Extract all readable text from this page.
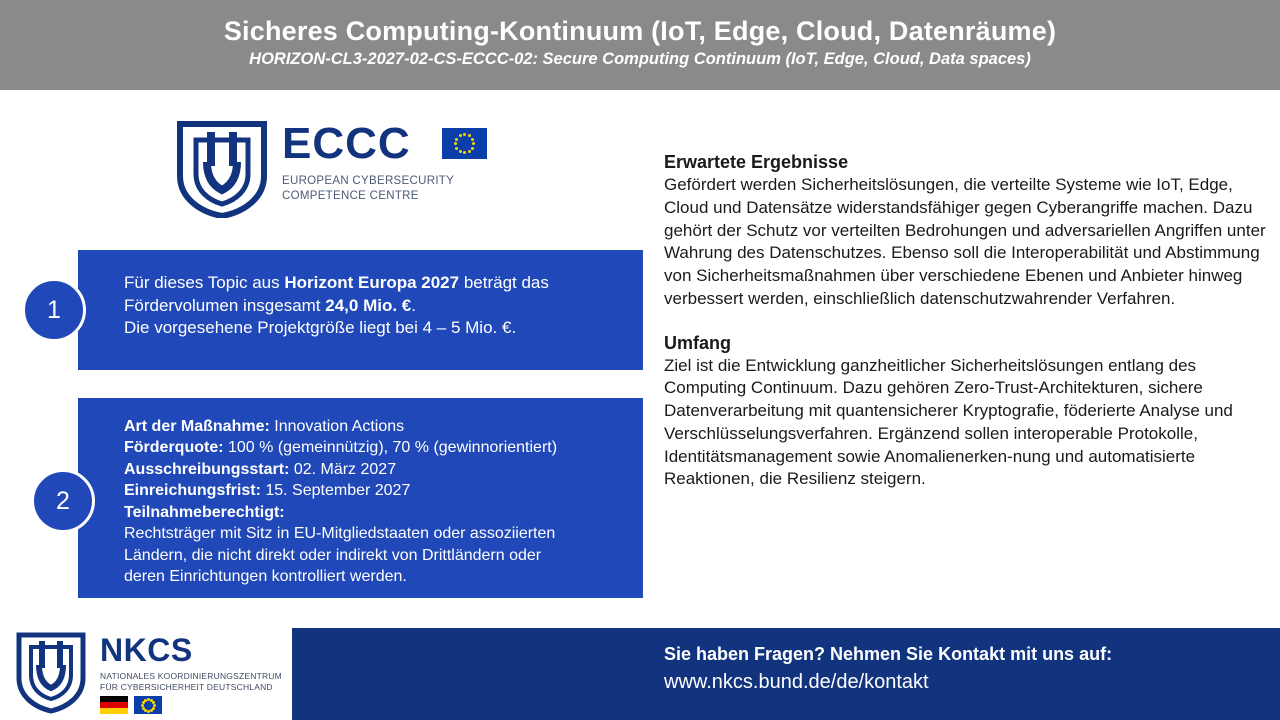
Sicheres Computing-Kontinuum (IoT, Edge, Cloud, Datenräume)
HORIZON-CL3-2027-02-CS-ECCC-02: Secure Computing Continuum (IoT, Edge, Cloud, Data spaces)
ECCC
EUROPEAN CYBERSECURITY
COMPETENCE CENTRE
1

Für dieses Topic aus Horizont Europa 2027 beträgt das

Fördervolumen insgesamt 24,0 Mio. €.

Die vorgesehene Projektgröße liegt bei 4 – 5 Mio. €.

2

Art der Maßnahme: Innovation Actions

Förderquote: 100 % (gemeinnützig), 70 % (gewinnorientiert)

Ausschreibungsstart: 02. März 2027

Einreichungsfrist: 15. September 2027

Teilnahmeberechtigt:

Rechtsträger mit Sitz in EU-Mitgliedstaaten oder assoziierten

Ländern, die nicht direkt oder indirekt von Drittländern oder

deren Einrichtungen kontrolliert werden.

Erwartete Ergebnisse

Gefördert werden Sicherheitslösungen, die verteilte Systeme wie IoT, Edge, Cloud und Datensätze widerstandsfähiger gegen Cyberangriffe machen. Dazu gehört der Schutz vor verteilten Bedrohungen und adversariellen Angriffen unter Wahrung des Datenschutzes. Ebenso soll die Interoperabilität und Abstimmung von Sicherheitsmaßnahmen über verschiedene Ebenen und Anbieter hinweg verbessert werden, einschließlich datenschutzwahrender Verfahren.

Umfang

Ziel ist die Entwicklung ganzheitlicher Sicherheitslösungen entlang des Computing Continuum. Dazu gehören Zero-Trust-Architekturen, sichere Datenverarbeitung mit quantensicherer Kryptografie, föderierte Analyse und Verschlüsselungsverfahren. Ergänzend sollen interoperable Protokolle, Identitätsmanagement sowie Anomalienerken-nung und automatisierte Reaktionen, die Resilienz steigern.

Sie haben Fragen? Nehmen Sie Kontakt mit uns auf:

www.nkcs.bund.de/de/kontakt

NKCS
NATIONALES KOORDINIERUNGSZENTRUM
FÜR CYBERSICHERHEIT DEUTSCHLAND
